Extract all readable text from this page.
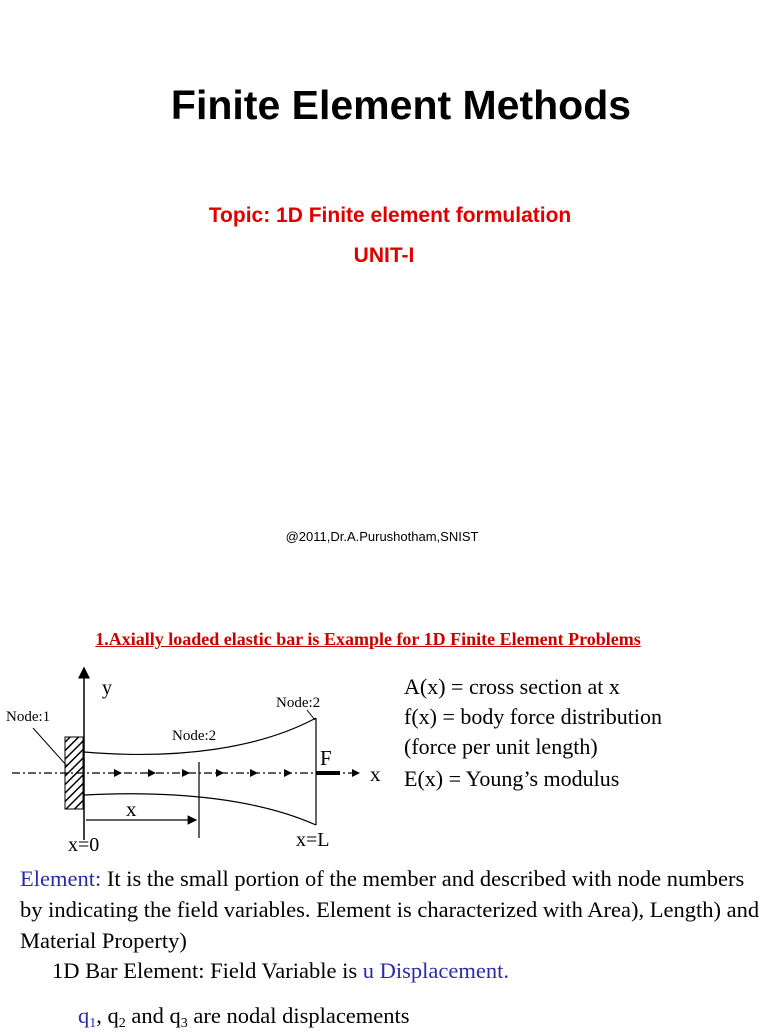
Finite Element Methods
Topic: 1D Finite element formulation
UNIT-I
@2011,Dr.A.Purushotham,SNIST
1.Axially loaded elastic bar is Example for 1D Finite Element Problems
y
Node:1
Node:2
Node:2
F
x
x
x=0	x=L
A(x) = cross section at x
f(x) = body force distribution
(force per unit length)
E(x) = Young’s modulus
Element: It is the small portion of the member and described with node numbers by indicating the field variables. Element is characterized with Area), Length) and Material Property)
1D Bar Element: Field Variable is u Displacement.
$q_1$, $q_2$ and $q_3$ are nodal displacements
